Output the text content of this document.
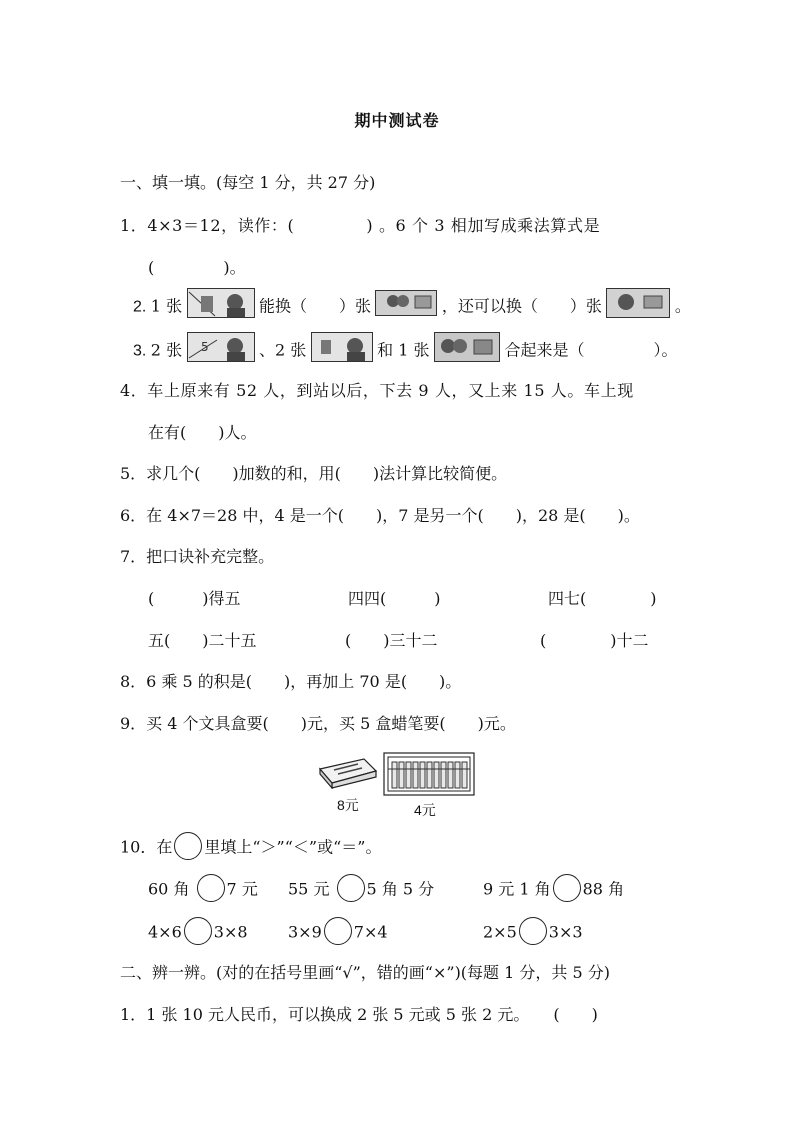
期中测试卷
一、填一填。(每空 1 分，共 27 分)
1．4×3＝12，读作：(　　　　 ) 。6 个 3 相加写成乘法算式是
(　　　　 )。
2. 1 张	能换（　　）张	，还可以换（　　）张	。
3. 2 张 5	、2 张	和 1 张	合起来是（　　　　 ）。
4．车上原来有 52 人，到站以后，下去 9 人，又上来 15 人。车上现
在有(　　)人。
5．求几个(　　)加数的和，用(　　)法计算比较简便。
6．在 4×7＝28 中，4 是一个(　　)，7 是另一个(　　)，28 是(　　)。
7．把口诀补充完整。
(　　　)得五	四四(　　　)	四七(　　　　)
五(　　)二十五	(　　)三十二	(　　　　)十二
8．6 乘 5 的积是(　　)，再加上 70 是(　　)。
9．买 4 个文具盒要(　　)元，买 5 盒蜡笔要(　　)元。
8元	4元
10．在 里填上“＞”“＜”或“＝”。
60 角 7 元 55 元 5 角 5 分	9 元 1 角 88 角
4×6 3×8	3×9 7×4	2×5 3×3
二、辨一辨。(对的在括号里画“√”，错的画“×”)(每题 1 分，共 5 分)
1．1 张 10 元人民币，可以换成 2 张 5 元或 5 张 2 元。　　(　　)
